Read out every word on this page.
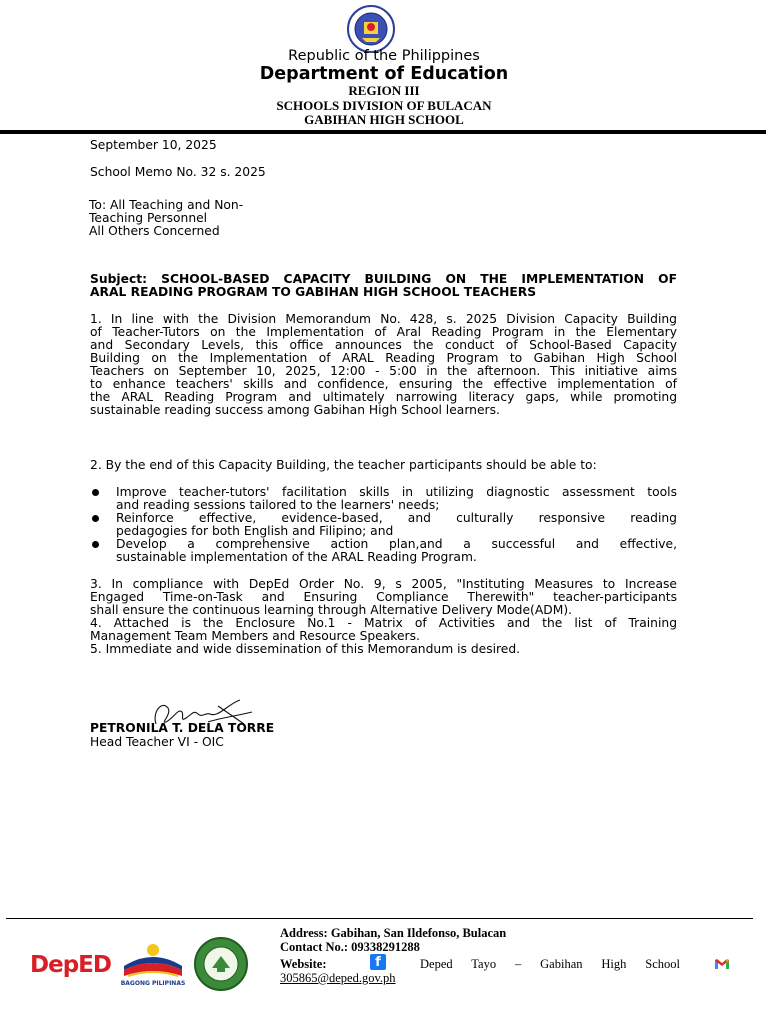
Republic of the Philippines
Department of Education
REGION III
SCHOOLS DIVISION OF BULACAN
GABIHAN HIGH SCHOOL
September 10, 2025
School Memo No. 32 s. 2025
To: All Teaching and Non-
Teaching Personnel
All Others Concerned
Subject: SCHOOL-BASED CAPACITY BUILDING ON THE IMPLEMENTATION OF
ARAL READING PROGRAM TO GABIHAN HIGH SCHOOL TEACHERS
1. In line with the Division Memorandum No. 428, s. 2025 Division Capacity Building
of Teacher-Tutors on the Implementation of Aral Reading Program in the Elementary
and Secondary Levels, this office announces the conduct of School-Based Capacity
Building on the Implementation of ARAL Reading Program to Gabihan High School
Teachers on September 10, 2025, 12:00 - 5:00 in the afternoon. This initiative aims
to enhance teachers' skills and confidence, ensuring the effective implementation of
the ARAL Reading Program and ultimately narrowing literacy gaps, while promoting
sustainable reading success among Gabihan High School learners.
2. By the end of this Capacity Building, the teacher participants should be able to:
Improve teacher-tutors' facilitation skills in utilizing diagnostic assessment tools
and reading sessions tailored to the learners' needs;
Reinforce effective, evidence-based, and culturally responsive reading
pedagogies for both English and Filipino; and
Develop a comprehensive action plan,and a successful and effective,
sustainable implementation of the ARAL Reading Program.
3. In compliance with DepEd Order No. 9, s 2005, "Instituting Measures to Increase
Engaged Time-on-Task and Ensuring Compliance Therewith" teacher-participants
shall ensure the continuous learning through Alternative Delivery Mode(ADM).
4. Attached is the Enclosure No.1 - Matrix of Activities and the list of Training
Management Team Members and Resource Speakers.
5. Immediate and wide dissemination of this Memorandum is desired.
PETRONILA T. DELA TORRE
Head Teacher VI - OIC
DepED
BAGONG PILIPINAS
Address: Gabihan, San Ildefonso, Bulacan
Contact No.: 09338291288
Website:	f	Deped Tayo – Gabihan High School
305865@deped.gov.ph
